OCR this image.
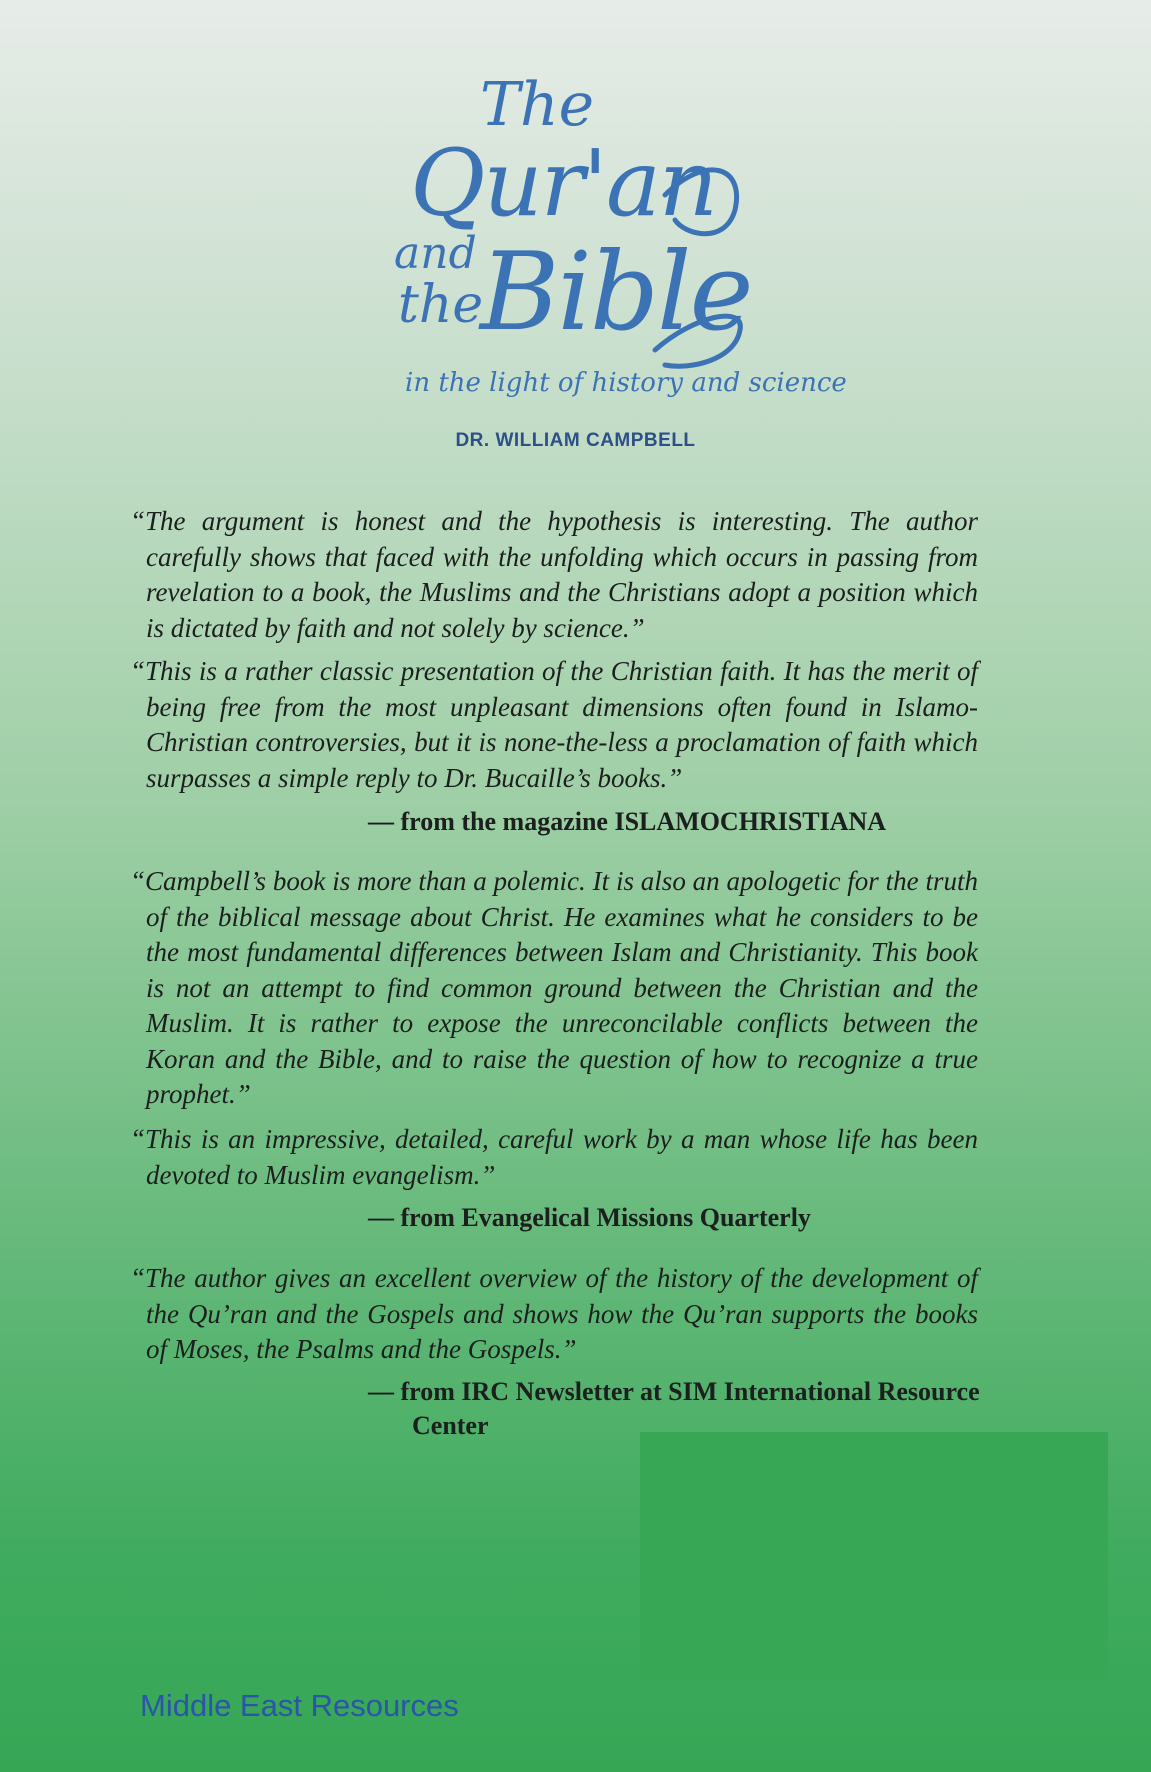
The
Qur'an
and
the
Bible
in the light of history and science
DR. WILLIAM CAMPBELL

“The argument is honest and the hypothesis is interesting. The author carefully shows that faced with the unfolding which occurs in passing from revelation to a book, the Muslims and the Christians adopt a position which is dictated by faith and not solely by science.”

“This is a rather classic presentation of the Christian faith. It has the merit of being free from the most unpleasant dimensions often found in Islamo-Christian controversies, but it is none-the-less a proclamation of faith which surpasses a simple reply to Dr. Bucaille’s books.”

— from the magazine ISLAMOCHRISTIANA

“Campbell’s book is more than a polemic. It is also an apologetic for the truth of the biblical message about Christ. He examines what he considers to be the most fundamental differences between Islam and Christianity. This book is not an attempt to find common ground between the Christian and the Muslim. It is rather to expose the unreconcilable conflicts between the Koran and the Bible, and to raise the question of how to recognize a true prophet.”

“This is an impressive, detailed, careful work by a man whose life has been devoted to Muslim evangelism.”

— from Evangelical Missions Quarterly

“The author gives an excellent overview of the history of the development of the Qu’ran and the Gospels and shows how the Qu’ran supports the books of Moses, the Psalms and the Gospels.”

— from IRC Newsletter at SIM International Resource Center
Middle East Resources
